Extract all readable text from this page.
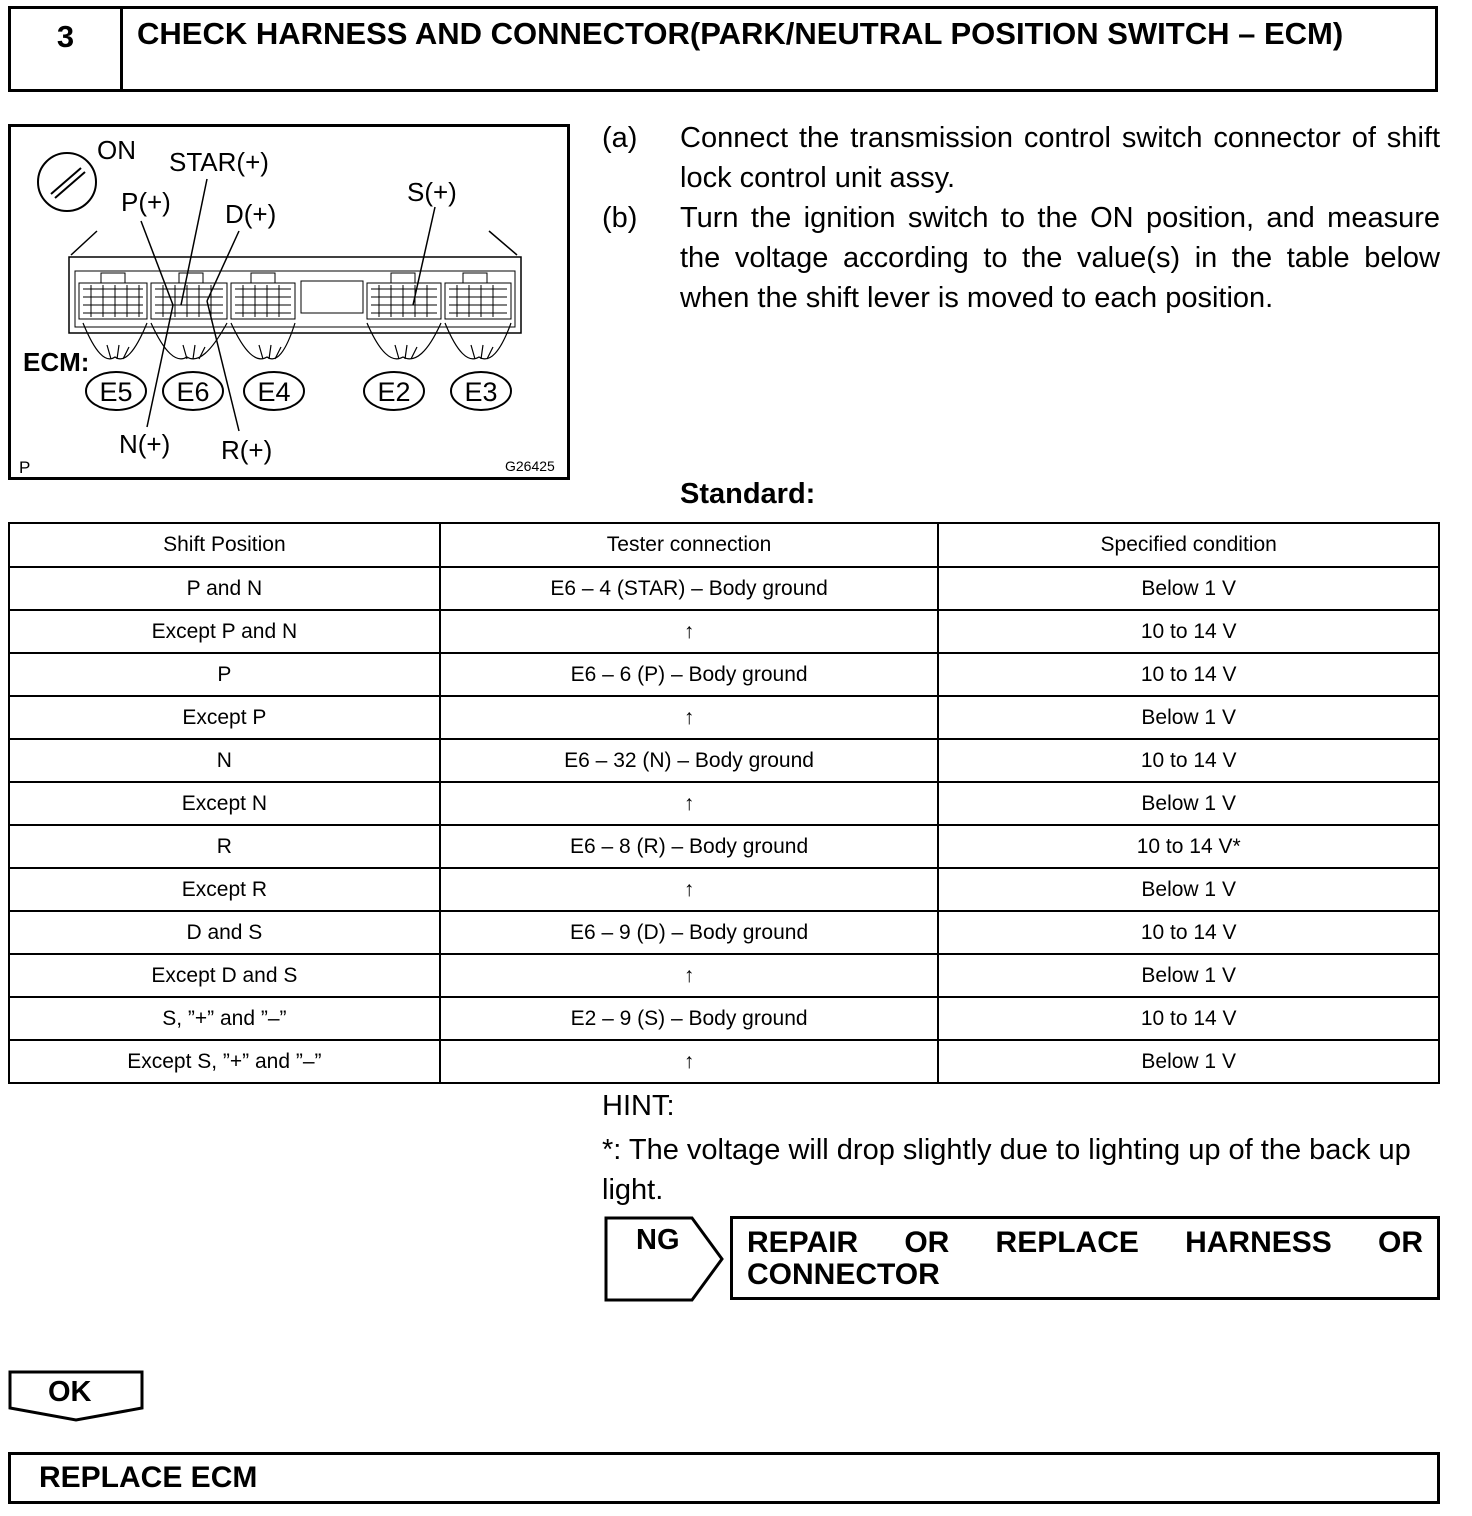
3	CHECK HARNESS AND CONNECTOR(PARK/NEUTRAL POSITION SWITCH – ECM)
ON STAR(+)
P(+) D(+)
S(+)
ECM:
E5 E6 E4	E2 E3
N(+) R(+)
P	G26425
(a) Connect the transmission control switch connector of shift lock control unit assy.
(b) Turn the ignition switch to the ON position, and measure the voltage according to the value(s) in the table below when the shift lever is moved to each position.
Standard:
Shift Position	Tester connection	Specified condition
P and N	E6 – 4 (STAR) – Body ground	Below 1 V
Except P and N	↑	10 to 14 V
P	E6 – 6 (P) – Body ground	10 to 14 V
Except P	↑	Below 1 V
N	E6 – 32 (N) – Body ground	10 to 14 V
Except N	↑	Below 1 V
R	E6 – 8 (R) – Body ground	10 to 14 V*
Except R	↑	Below 1 V
D and S	E6 – 9 (D) – Body ground	10 to 14 V
Except D and S	↑	Below 1 V
S, ”+” and ”–”	E2 – 9 (S) – Body ground	10 to 14 V
Except S, ”+” and ”–”	↑	Below 1 V
HINT:
*: The voltage will drop slightly due to lighting up of the back up light.
NG REPAIR OR REPLACE HARNESS OR CONNECTOR
OK
REPLACE ECM
